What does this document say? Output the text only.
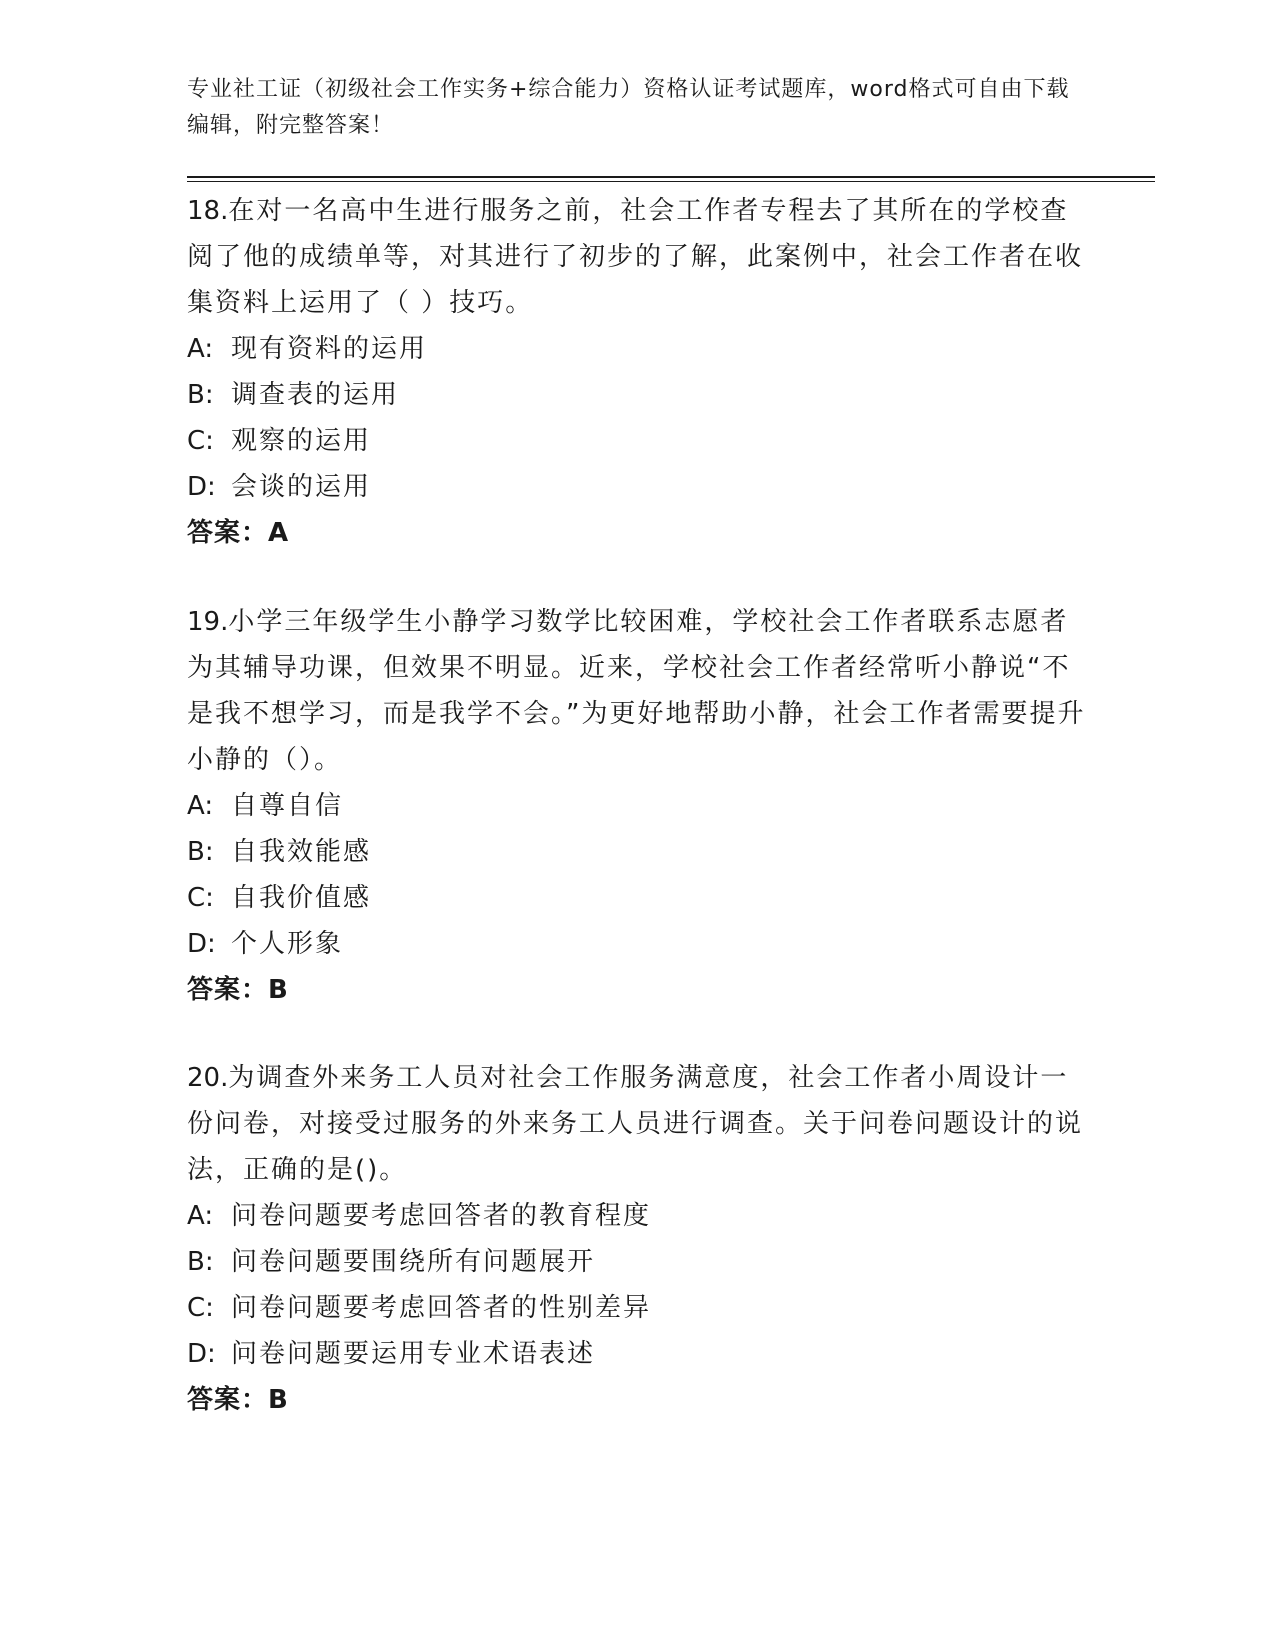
专业社工证（初级社会工作实务+综合能力）资格认证考试题库，word格式可自由下载编辑，附完整答案！

18.在对一名高中生进行服务之前，社会工作者专程去了其所在的学校查阅了他的成绩单等，对其进行了初步的了解，此案例中，社会工作者在收集资料上运用了（ ）技巧。

A: 现有资料的运用

B: 调查表的运用

C: 观察的运用

D: 会谈的运用

答案：A

19.小学三年级学生小静学习数学比较困难，学校社会工作者联系志愿者为其辅导功课，但效果不明显。近来，学校社会工作者经常听小静说“不是我不想学习，而是我学不会。”为更好地帮助小静，社会工作者需要提升小静的（）。

A: 自尊自信

B: 自我效能感

C: 自我价值感

D: 个人形象

答案：B

20.为调查外来务工人员对社会工作服务满意度，社会工作者小周设计一份问卷，对接受过服务的外来务工人员进行调查。关于问卷问题设计的说法，正确的是()。

A: 问卷问题要考虑回答者的教育程度

B: 问卷问题要围绕所有问题展开

C: 问卷问题要考虑回答者的性别差异

D: 问卷问题要运用专业术语表述

答案：B
